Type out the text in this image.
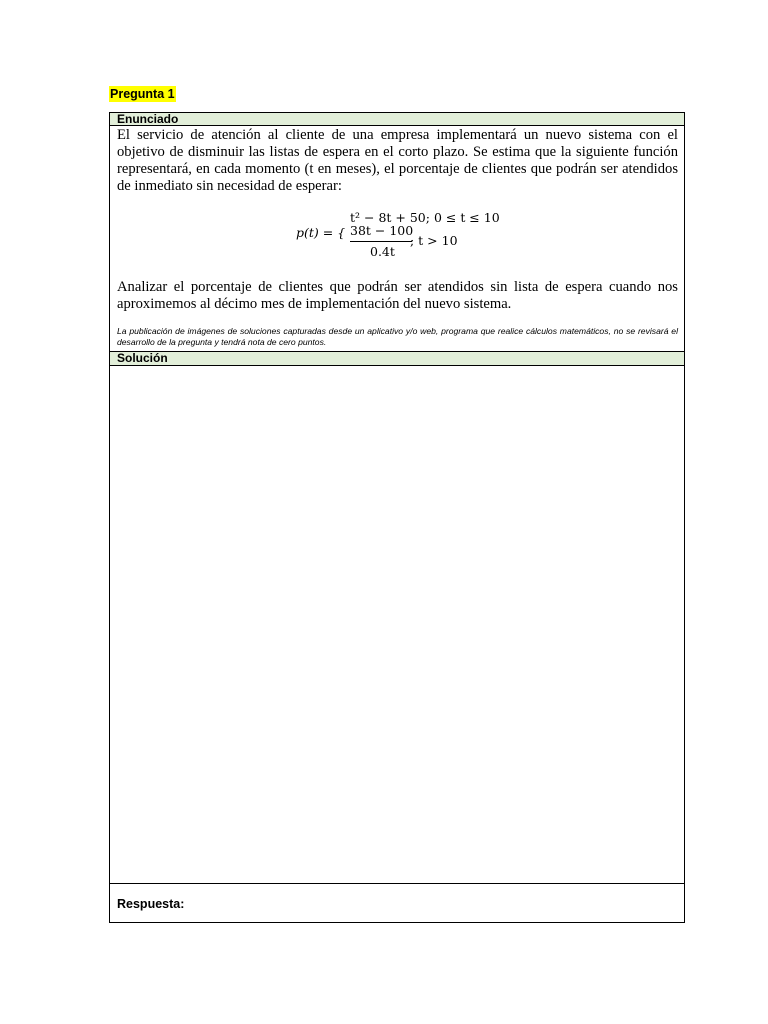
Pregunta 1
Enunciado
El servicio de atención al cliente de una empresa implementará un nuevo sistema con el objetivo de disminuir las listas de espera en el corto plazo. Se estima que la siguiente función representará, en cada momento (t en meses), el porcentaje de clientes que podrán ser atendidos de inmediato sin necesidad de esperar:
p(t) = {
t² − 8t + 50; 0 ≤ t ≤ 10
38t − 100
0.4t
; t > 10
Analizar el porcentaje de clientes que podrán ser atendidos sin lista de espera cuando nos aproximemos al décimo mes de implementación del nuevo sistema.
La publicación de imágenes de soluciones capturadas desde un aplicativo y/o web, programa que realice cálculos matemáticos, no se revisará el desarrollo de la pregunta y tendrá nota de cero puntos.
Solución
Respuesta:
